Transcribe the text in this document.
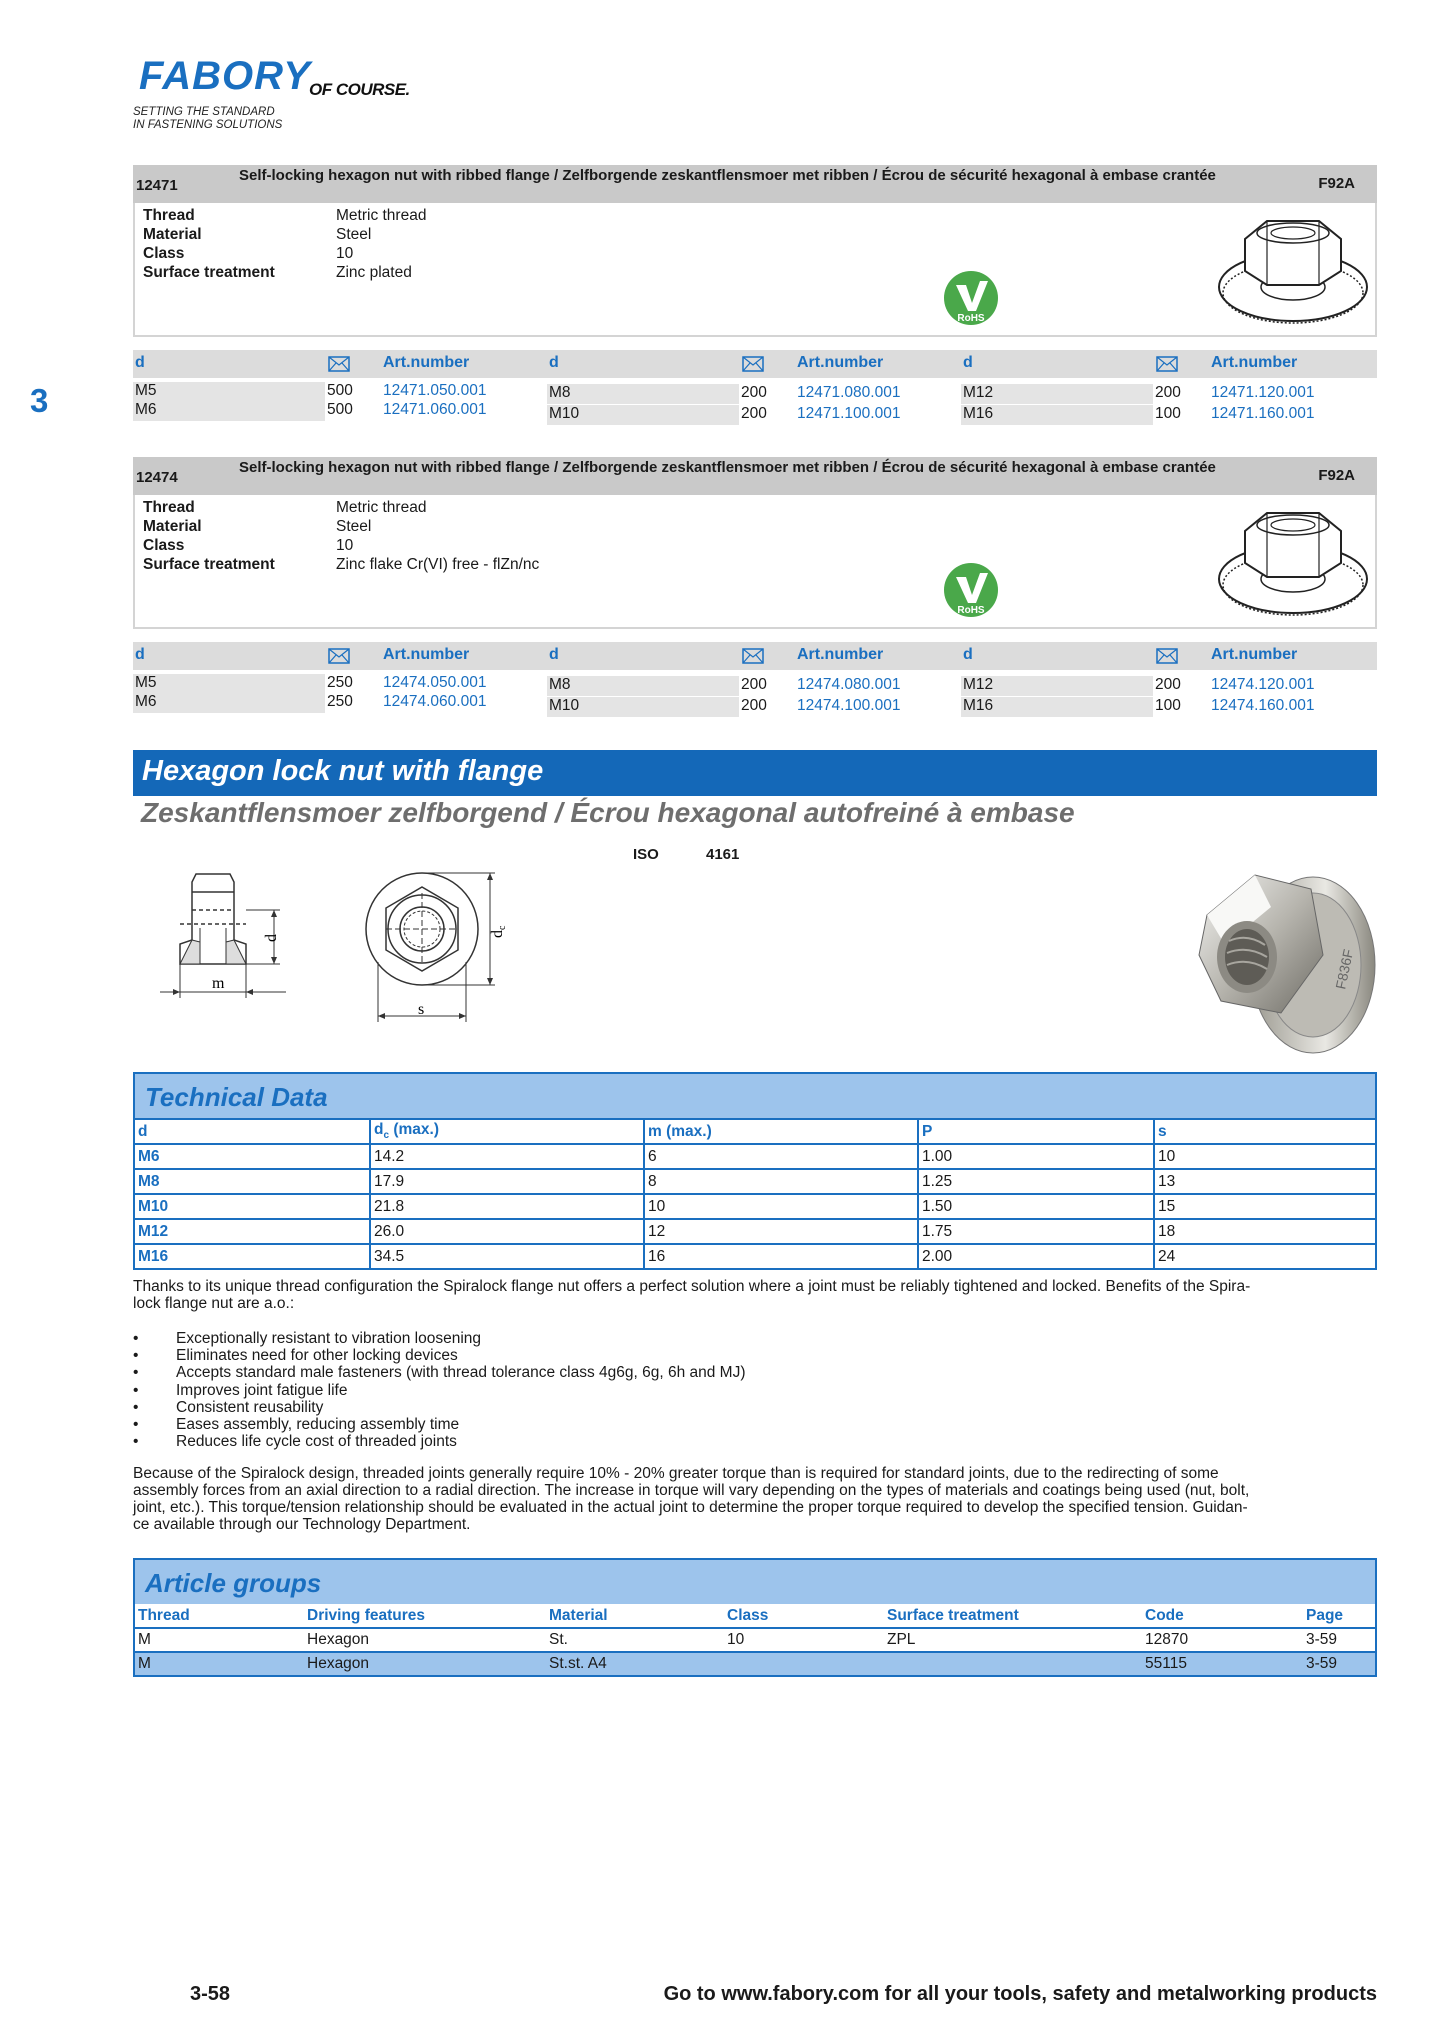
FABORY
OF COURSE.
SETTING THE STANDARD
IN FASTENING SOLUTIONS
3
12471
Self-locking hexagon nut with ribbed flange / Zelfborgende zeskantflensmoer met ribben / Écrou de sécurité hexagonal à embase crantée	F92A
Thread	Metric thread
Material	Steel
Class	10
Surface treatment	Zinc plated
RoHS
d	Art.number
M5	500 12471.050.001
M6	500 12471.060.001
d	Art.number
M8	200 12471.080.001
M10	200 12471.100.001
d	Art.number
M12	200 12471.120.001
M16	100 12471.160.001
12474
Self-locking hexagon nut with ribbed flange / Zelfborgende zeskantflensmoer met ribben / Écrou de sécurité hexagonal à embase crantée	F92A
Thread	Metric thread
Material	Steel
Class	10
Surface treatment	Zinc flake Cr(VI) free - flZn/nc
RoHS
d	Art.number
M5	250 12474.050.001
M6	250 12474.060.001
d	Art.number
M8	200 12474.080.001
M10	200 12474.100.001
d	Art.number
M12	200 12474.120.001
M16	100 12474.160.001
Hexagon lock nut with flange
Zeskantflensmoer zelfborgend / Écrou hexagonal autofreiné à embase
ISO	4161
d
m
dc
s
F836F
Technical Data
d	$d_c$ (max.)	m (max.)	P	s
M6	14.2	6	1.00	10
M8	17.9	8	1.25	13
M10	21.8	10	1.50	15
M12	26.0	12	1.75	18
M16	34.5	16	2.00	24
Thanks to its unique thread configuration the Spiralock flange nut offers a perfect solution where a joint must be reliably tightened and locked. Benefits of the Spira-
lock flange nut are a.o.:
•	Exceptionally resistant to vibration loosening
•	Eliminates need for other locking devices
•	Accepts standard male fasteners (with thread tolerance class 4g6g, 6g, 6h and MJ)
•	Improves joint fatigue life
•	Consistent reusability
•	Eases assembly, reducing assembly time
•	Reduces life cycle cost of threaded joints
Because of the Spiralock design, threaded joints generally require 10% - 20% greater torque than is required for standard joints, due to the redirecting of some
assembly forces from an axial direction to a radial direction. The increase in torque will vary depending on the types of materials and coatings being used (nut, bolt,
joint, etc.). This torque/tension relationship should be evaluated in the actual joint to determine the proper torque required to develop the specified tension. Guidan-
ce available through our Technology Department.
Article groups
Thread	Driving features	Material	Class	Surface treatment	Code	Page
M	Hexagon	St.	10	ZPL	12870	3-59
M	Hexagon	St.st. A4			55115	3-59
3-58	Go to www.fabory.com for all your tools, safety and metalworking products
